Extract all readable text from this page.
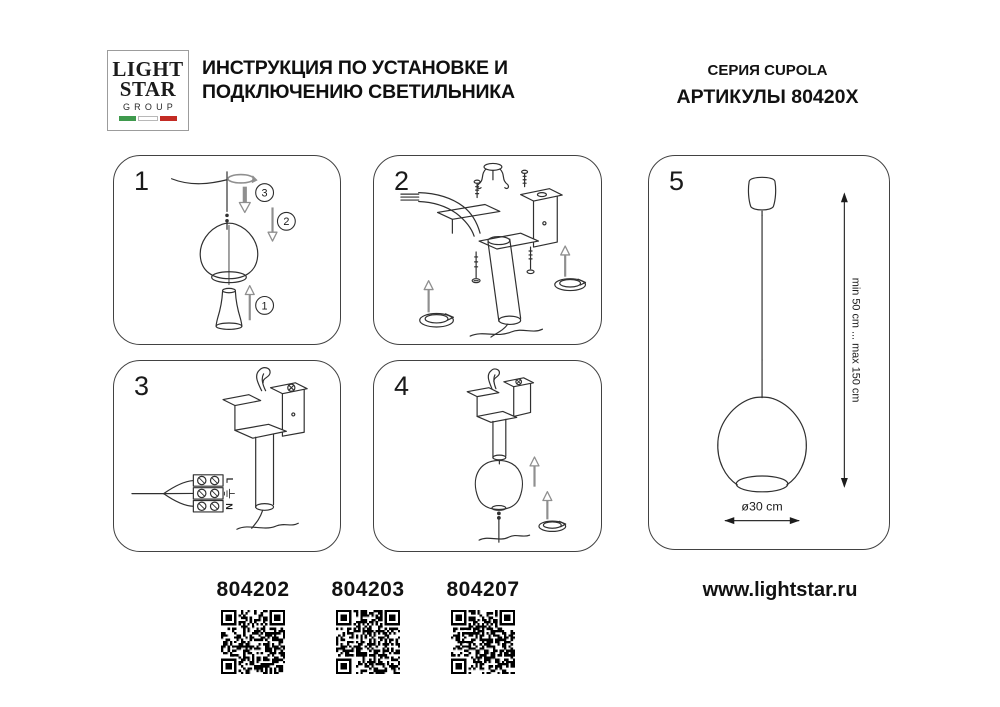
LIGHT
STAR
GROUP
ИНСТРУКЦИЯ ПО УСТАНОВКЕ И
ПОДКЛЮЧЕНИЮ СВЕТИЛЬНИКА
СЕРИЯ CUPOLA
АРТИКУЛЫ 80420X
1	3
2
1
2
3
L
N
4
5
min 50 cm ... max 150 cm
ø30 cm
804202	804203	804207	www.lightstar.ru
